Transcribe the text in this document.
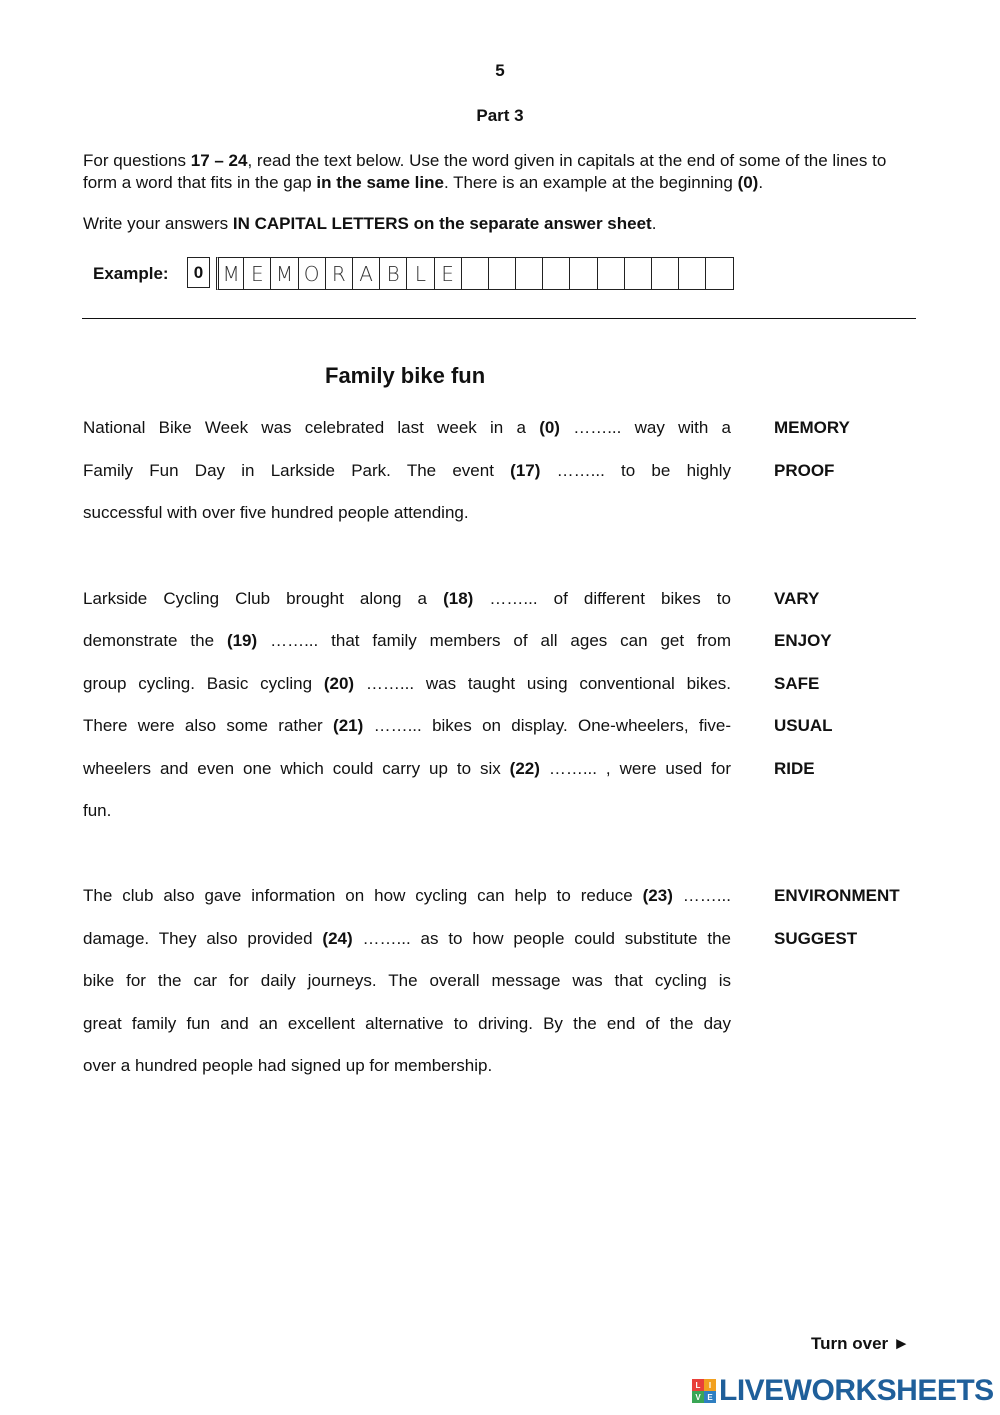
5
Part 3
For questions 17 – 24, read the text below. Use the word given in capitals at the end of some of the lines to form a word that fits in the gap in the same line. There is an example at the beginning (0).
Write your answers IN CAPITAL LETTERS on the separate answer sheet.
Example:	0 M E M O R A B L E
Family bike fun
National Bike Week was celebrated last week in a (0) ……... way with a	MEMORY
Family Fun Day in Larkside Park. The event (17) ……... to be highly	PROOF
successful with over five hundred people attending.
Larkside Cycling Club brought along a (18) ……... of different bikes to	VARY
demonstrate the (19) ……... that family members of all ages can get from	ENJOY
group cycling. Basic cycling (20) ……... was taught using conventional bikes.	SAFE
There were also some rather (21) ……... bikes on display. One-wheelers, five-	USUAL
wheelers and even one which could carry up to six (22) ……... , were used for	RIDE
fun.
The club also gave information on how cycling can help to reduce (23) ……...	ENVIRONMENT
damage. They also provided (24) ……... as to how people could substitute the	SUGGEST
bike for the car for daily journeys. The overall message was that cycling is
great family fun and an excellent alternative to driving. By the end of the day
over a hundred people had signed up for membership.
Turn over ►
L	I
V E LIVEWORKSHEETS
